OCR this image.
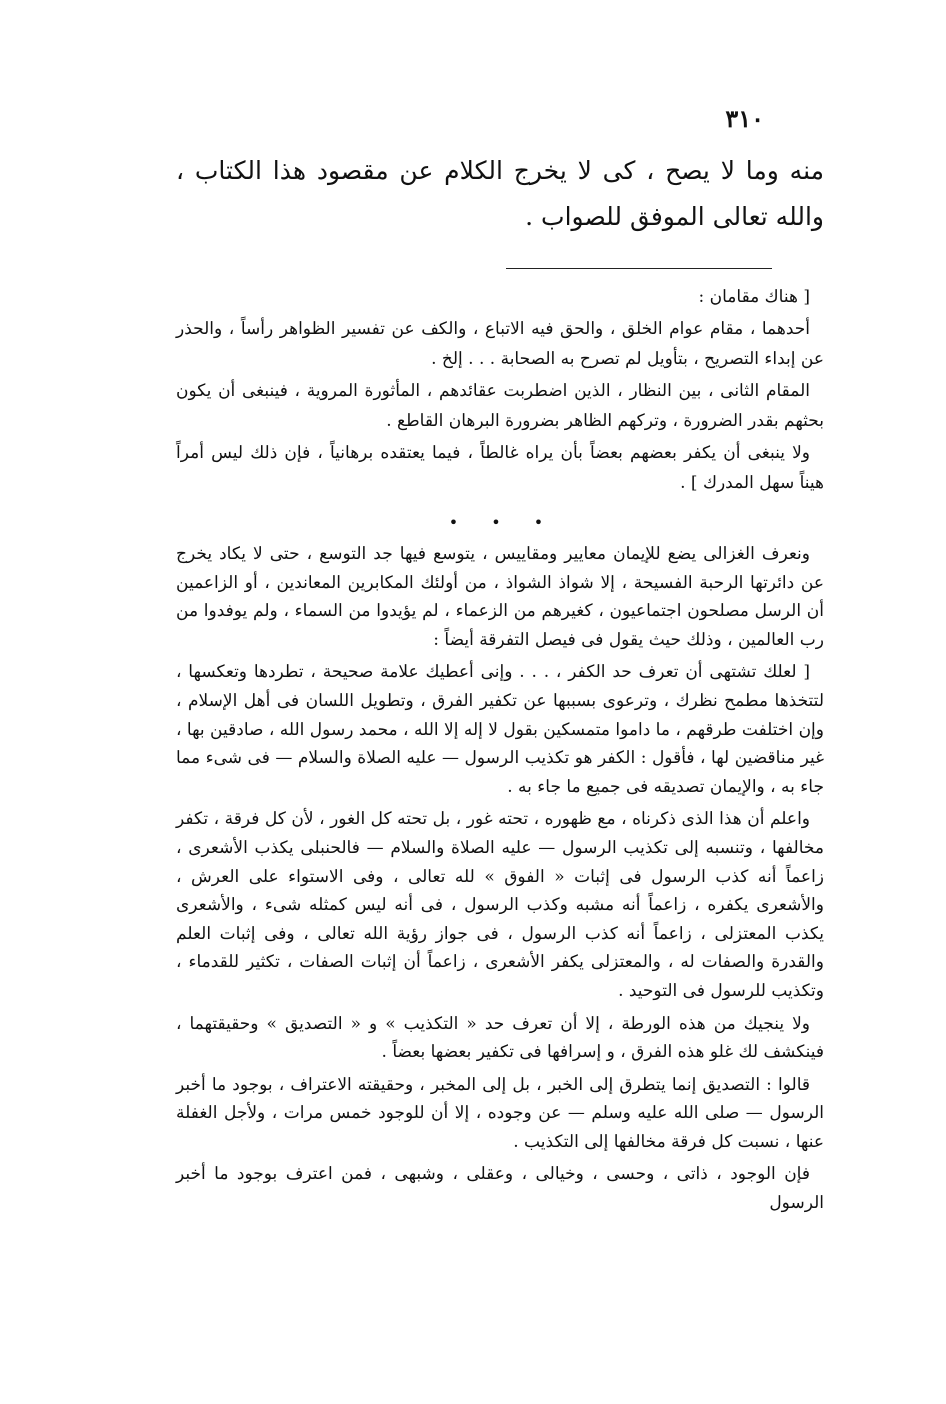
٣١٠

منه وما لا يصح ، كى لا يخرج الكلام عن مقصود هذا الكتاب ، والله تعالى الموفق للصواب .

[ هناك مقامان :

أحدهما ، مقام عوام الخلق ، والحق فيه الاتباع ، والكف عن تفسير الظواهر رأساً ، والحذر عن إبداء التصريح ، بتأويل لم تصرح به الصحابة . . . إلخ .

المقام الثانى ، بين النظار ، الذين اضطربت عقائدهم ، المأثورة المروية ، فينبغى أن يكون بحثهم بقدر الضرورة ، وتركهم الظاهر بضرورة البرهان القاطع .

ولا ينبغى أن يكفر بعضهم بعضاً بأن يراه غالطاً ، فيما يعتقده برهانياً ، فإن ذلك ليس أمراً هيناً سهل المدرك ] .

• • •

ونعرف الغزالى يضع للإيمان معايير ومقاييس ، يتوسع فيها جد التوسع ، حتى لا يكاد يخرج عن دائرتها الرحبة الفسيحة ، إلا شواذ الشواذ ، من أولئك المكابرين المعاندين ، أو الزاعمين أن الرسل مصلحون اجتماعيون ، كغيرهم من الزعماء ، لم يؤيدوا من السماء ، ولم يوفدوا من رب العالمين ، وذلك حيث يقول فى فيصل التفرقة أيضاً :

[ لعلك تشتهى أن تعرف حد الكفر ، . . . وإنى أعطيك علامة صحيحة ، تطردها وتعكسها ، لتتخذها مطمح نظرك ، وترعوى بسببها عن تكفير الفرق ، وتطويل اللسان فى أهل الإسلام ، وإن اختلفت طرقهم ، ما داموا متمسكين بقول لا إله إلا الله ، محمد رسول الله ، صادقين بها ، غير مناقضين لها ، فأقول : الكفر هو تكذيب الرسول — عليه الصلاة والسلام — فى شىء مما جاء به ، والإيمان تصديقه فى جميع ما جاء به .

واعلم أن هذا الذى ذكرناه ، مع ظهوره ، تحته غور ، بل تحته كل الغور ، لأن كل فرقة ، تكفر مخالفها ، وتنسبه إلى تكذيب الرسول — عليه الصلاة والسلام — فالحنبلى يكذب الأشعرى ، زاعماً أنه كذب الرسول فى إثبات « الفوق » لله تعالى ، وفى الاستواء على العرش ، والأشعرى يكفره ، زاعماً أنه مشبه وكذب الرسول ، فى أنه ليس كمثله شىء ، والأشعرى يكذب المعتزلى ، زاعماً أنه كذب الرسول ، فى جواز رؤية الله تعالى ، وفى إثبات العلم والقدرة والصفات له ، والمعتزلى يكفر الأشعرى ، زاعماً أن إثبات الصفات ، تكثير للقدماء ، وتكذيب للرسول فى التوحيد .

ولا ينجيك من هذه الورطة ، إلا أن تعرف حد « التكذيب » و « التصديق » وحقيقتهما ، فينكشف لك غلو هذه الفرق ، و إسرافها فى تكفير بعضها بعضاً .

قالوا : التصديق إنما يتطرق إلى الخبر ، بل إلى المخبر ، وحقيقته الاعتراف ، بوجود ما أخبر الرسول — صلى الله عليه وسلم — عن وجوده ، إلا أن للوجود خمس مرات ، ولأجل الغفلة عنها ، نسبت كل فرقة مخالفها إلى التكذيب .

فإن الوجود ، ذاتى ، وحسى ، وخيالى ، وعقلى ، وشبهى ، فمن اعترف بوجود ما أخبر الرسول
